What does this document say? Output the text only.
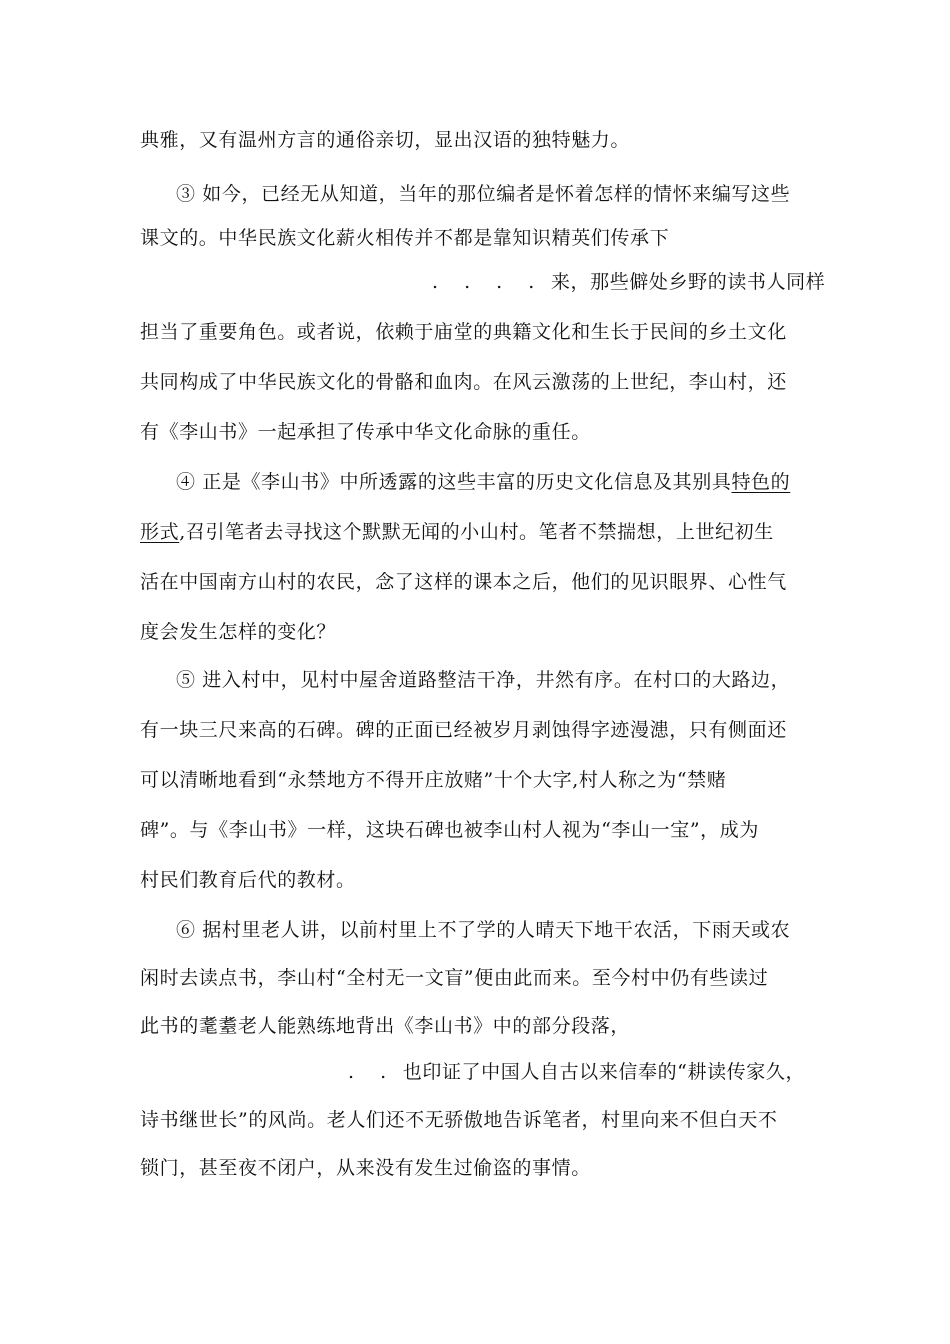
典雅，又有温州方言的通俗亲切，显出汉语的独特魅力。
③ 如今，已经无从知道，当年的那位编者是怀着怎样的情怀来编写这些
课文的。中华民族文化薪火相传并不都是靠知识精英们传承下
. . . . 来，那些僻处乡野的读书人同样
担当了重要角色。或者说，依赖于庙堂的典籍文化和生长于民间的乡土文化
共同构成了中华民族文化的骨骼和血肉。在风云激荡的上世纪，李山村，还
有《李山书》一起承担了传承中华文化命脉的重任。
④ 正是《李山书》中所透露的这些丰富的历史文化信息及其别具特色的
形式,召引笔者去寻找这个默默无闻的小山村。笔者不禁揣想，上世纪初生
活在中国南方山村的农民，念了这样的课本之后，他们的见识眼界、心性气
度会发生怎样的变化？
⑤ 进入村中，见村中屋舍道路整洁干净，井然有序。在村口的大路边，
有一块三尺来高的石碑。碑的正面已经被岁月剥蚀得字迹漫漶，只有侧面还
可以清晰地看到“永禁地方不得开庄放赌”十个大字,村人称之为“禁赌
碑”。与《李山书》一样，这块石碑也被李山村人视为“李山一宝”，成为
村民们教育后代的教材。
⑥ 据村里老人讲，以前村里上不了学的人晴天下地干农活，下雨天或农
闲时去读点书，李山村“全村无一文盲”便由此而来。至今村中仍有些读过
此书的耄耋老人能熟练地背出《李山书》中的部分段落，
. . 也印证了中国人自古以来信奉的“耕读传家久，
诗书继世长”的风尚。老人们还不无骄傲地告诉笔者，村里向来不但白天不
锁门，甚至夜不闭户，从来没有发生过偷盗的事情。
